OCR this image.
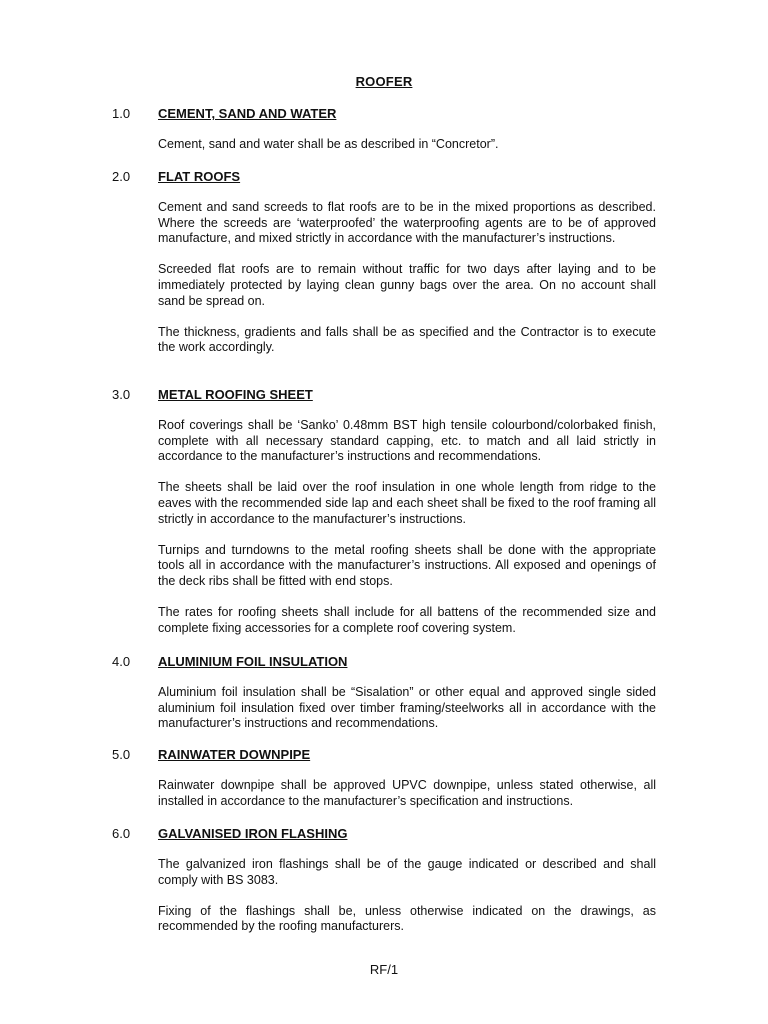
ROOFER
1.0	CEMENT, SAND AND WATER
Cement, sand and water shall be as described in “Concretor”.
2.0	FLAT ROOFS
Cement and sand screeds to flat roofs are to be in the mixed proportions as described. Where the screeds are ‘waterproofed’ the waterproofing agents are to be of approved manufacture, and mixed strictly in accordance with the manufacturer’s instructions.
Screeded flat roofs are to remain without traffic for two days after laying and to be immediately protected by laying clean gunny bags over the area. On no account shall sand be spread on.
The thickness, gradients and falls shall be as specified and the Contractor is to execute the work accordingly.
3.0	METAL ROOFING SHEET
Roof coverings shall be ‘Sanko’ 0.48mm BST high tensile colourbond/colorbaked finish, complete with all necessary standard capping, etc. to match and all laid strictly in accordance to the manufacturer’s instructions and recommendations.
The sheets shall be laid over the roof insulation in one whole length from ridge to the eaves with the recommended side lap and each sheet shall be fixed to the roof framing all strictly in accordance to the manufacturer’s instructions.
Turnips and turndowns to the metal roofing sheets shall be done with the appropriate tools all in accordance with the manufacturer’s instructions. All exposed and openings of the deck ribs shall be fitted with end stops.
The rates for roofing sheets shall include for all battens of the recommended size and complete fixing accessories for a complete roof covering system.
4.0	ALUMINIUM FOIL INSULATION
Aluminium foil insulation shall be “Sisalation” or other equal and approved single sided aluminium foil insulation fixed over timber framing/steelworks all in accordance with the manufacturer’s instructions and recommendations.
5.0	RAINWATER DOWNPIPE
Rainwater downpipe shall be approved UPVC downpipe, unless stated otherwise, all installed in accordance to the manufacturer’s specification and instructions.
6.0	GALVANISED IRON FLASHING
The galvanized iron flashings shall be of the gauge indicated or described and shall comply with BS 3083.
Fixing of the flashings shall be, unless otherwise indicated on the drawings, as recommended by the roofing manufacturers.
RF/1
